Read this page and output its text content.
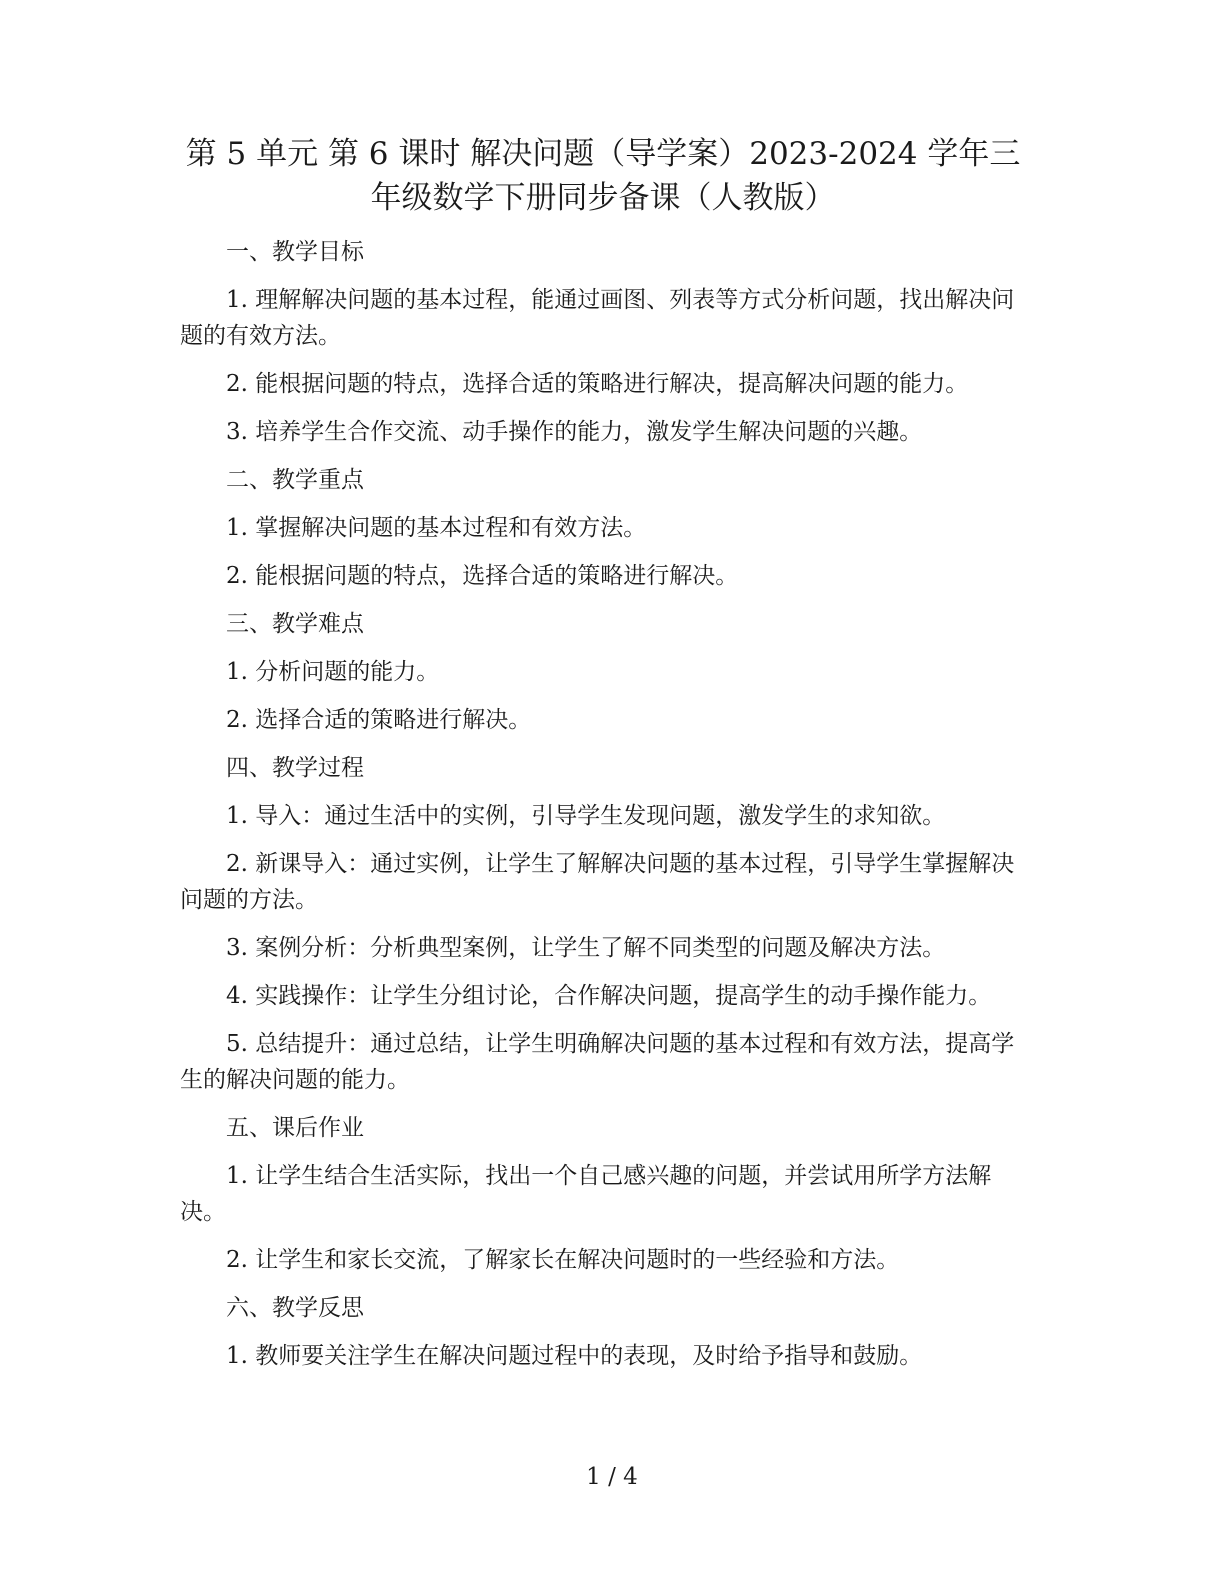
第 5 单元 第 6 课时 解决问题（导学案）2023-2024 学年三年级数学下册同步备课（人教版）

一、教学目标

1. 理解解决问题的基本过程，能通过画图、列表等方式分析问题，找出解决问题的有效方法。

2. 能根据问题的特点，选择合适的策略进行解决，提高解决问题的能力。

3. 培养学生合作交流、动手操作的能力，激发学生解决问题的兴趣。

二、教学重点

1. 掌握解决问题的基本过程和有效方法。

2. 能根据问题的特点，选择合适的策略进行解决。

三、教学难点

1. 分析问题的能力。

2. 选择合适的策略进行解决。

四、教学过程

1. 导入：通过生活中的实例，引导学生发现问题，激发学生的求知欲。

2. 新课导入：通过实例，让学生了解解决问题的基本过程，引导学生掌握解决问题的方法。

3. 案例分析：分析典型案例，让学生了解不同类型的问题及解决方法。

4. 实践操作：让学生分组讨论，合作解决问题，提高学生的动手操作能力。

5. 总结提升：通过总结，让学生明确解决问题的基本过程和有效方法，提高学生的解决问题的能力。

五、课后作业

1. 让学生结合生活实际，找出一个自己感兴趣的问题，并尝试用所学方法解决。

2. 让学生和家长交流，了解家长在解决问题时的一些经验和方法。

六、教学反思

1. 教师要关注学生在解决问题过程中的表现，及时给予指导和鼓励。

1 / 4
